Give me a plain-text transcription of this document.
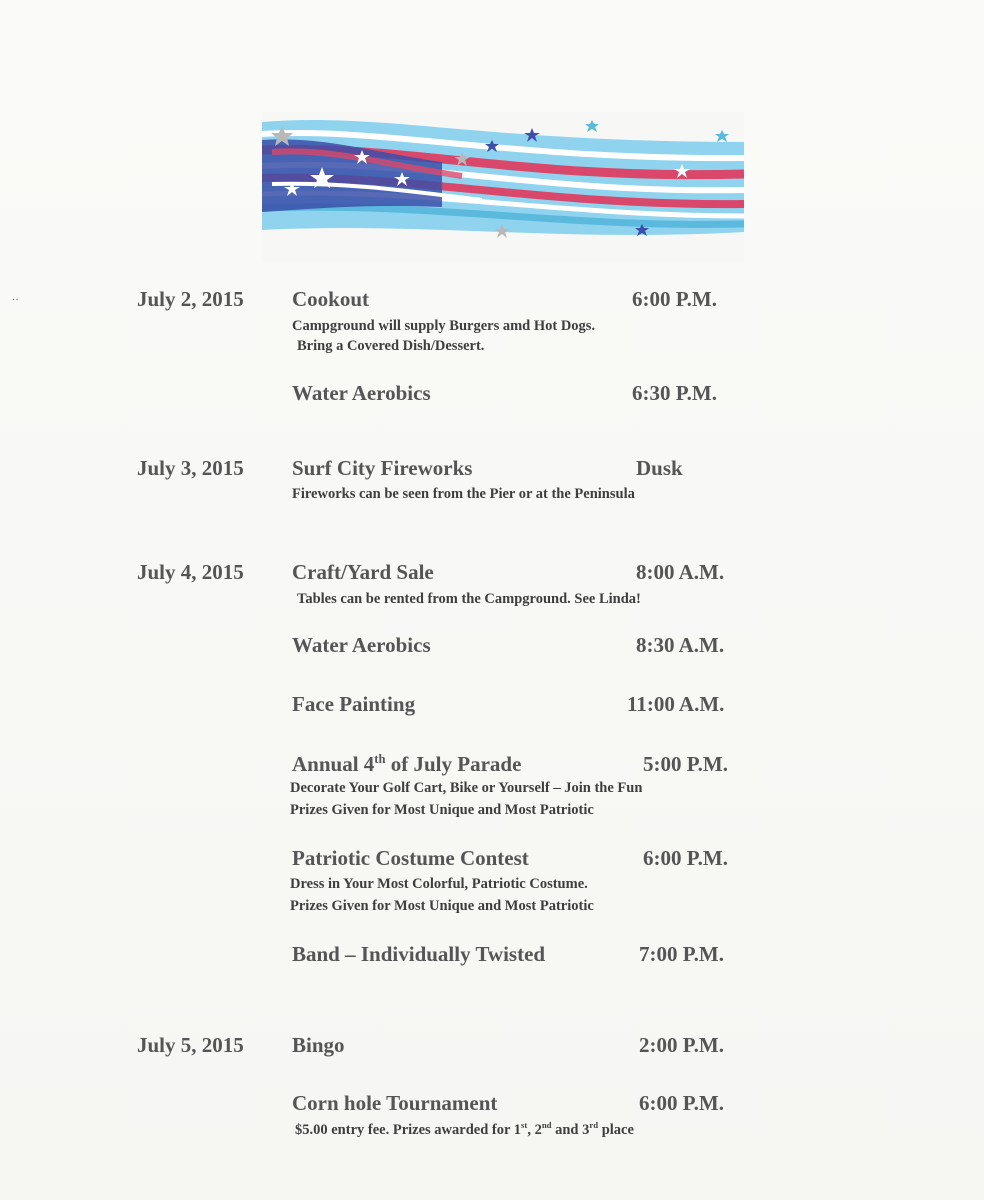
··	July 2, 2015 Cookout	6:00 P.M.
Campground will supply Burgers amd Hot Dogs.
Bring a Covered Dish/Dessert.
Water Aerobics	6:30 P.M.
July 3, 2015 Surf City Fireworks	Dusk
Fireworks can be seen from the Pier or at the Peninsula
July 4, 2015 Craft/Yard Sale	8:00 A.M.
Tables can be rented from the Campground. See Linda!
Water Aerobics	8:30 A.M.
Face Painting	11:00 A.M.
Annual 4th of July Parade	5:00 P.M.
Decorate Your Golf Cart, Bike or Yourself – Join the Fun
Prizes Given for Most Unique and Most Patriotic
Patriotic Costume Contest	6:00 P.M.
Dress in Your Most Colorful, Patriotic Costume.
Prizes Given for Most Unique and Most Patriotic
Band – Individually Twisted	7:00 P.M.
July 5, 2015 Bingo	2:00 P.M.
Corn hole Tournament	6:00 P.M.
$5.00 entry fee. Prizes awarded for 1st, 2nd and 3rd place
